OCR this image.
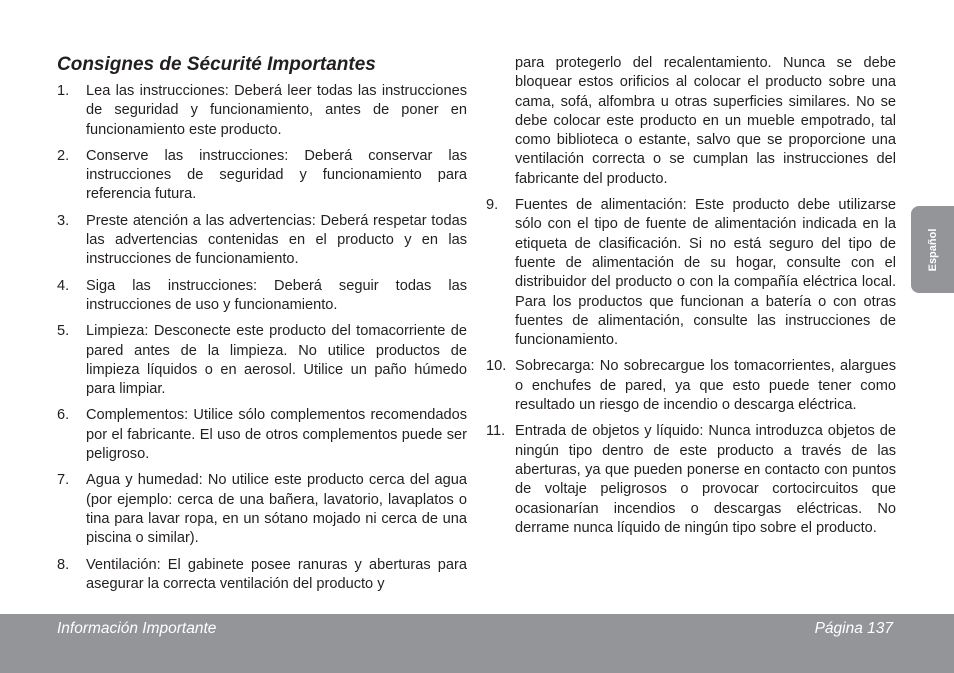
Consignes de Sécurité Importantes
1.	Lea las instrucciones: Deberá leer todas las instrucciones de seguridad y funcionamiento, antes de poner en funcionamiento este producto.
2.	Conserve las instrucciones: Deberá conservar las instrucciones de seguridad y funcionamiento para referencia futura.
3.	Preste atención a las advertencias: Deberá respetar todas las advertencias contenidas en el producto y en las instrucciones de funcionamiento.
4.	Siga las instrucciones: Deberá seguir todas las instrucciones de uso y funcionamiento.
5.	Limpieza: Desconecte este producto del tomacorriente de pared antes de la limpieza. No utilice productos de limpieza líquidos o en aerosol. Utilice un paño húmedo para limpiar.
6.	Complementos: Utilice sólo complementos recomendados por el fabricante. El uso de otros complementos puede ser peligroso.
7.	Agua y humedad: No utilice este producto cerca del agua (por ejemplo: cerca de una bañera, lavatorio, lavaplatos o tina para lavar ropa, en un sótano mojado ni cerca de una piscina o similar).
8.	Ventilación: El gabinete posee ranuras y aberturas para asegurar la correcta ventilación del producto y
para protegerlo del recalentamiento. Nunca se debe bloquear estos orificios al colocar el producto sobre una cama, sofá, alfombra u otras superficies similares. No se debe colocar este producto en un mueble empotrado, tal como biblioteca o estante, salvo que se proporcione una ventilación correcta o se cumplan las instrucciones del fabricante del producto.
9.	Fuentes de alimentación: Este producto debe utilizarse sólo con el tipo de fuente de alimentación indicada en la etiqueta de clasificación. Si no está seguro del tipo de fuente de alimentación de su hogar, consulte con el distribuidor del producto o con la compañía eléctrica local. Para los productos que funcionan a batería o con otras fuentes de alimentación, consulte las instrucciones de funcionamiento.
10. Sobrecarga: No sobrecargue los tomacorrientes, alargues o enchufes de pared, ya que esto puede tener como resultado un riesgo de incendio o descarga eléctrica.
11. Entrada de objetos y líquido: Nunca introduzca objetos de ningún tipo dentro de este producto a través de las aberturas, ya que pueden ponerse en contacto con puntos de voltaje peligrosos o provocar cortocircuitos que ocasionarían incendios o descargas eléctricas. No derrame nunca líquido de ningún tipo sobre el producto.
Español
Información Importante	Página 137
